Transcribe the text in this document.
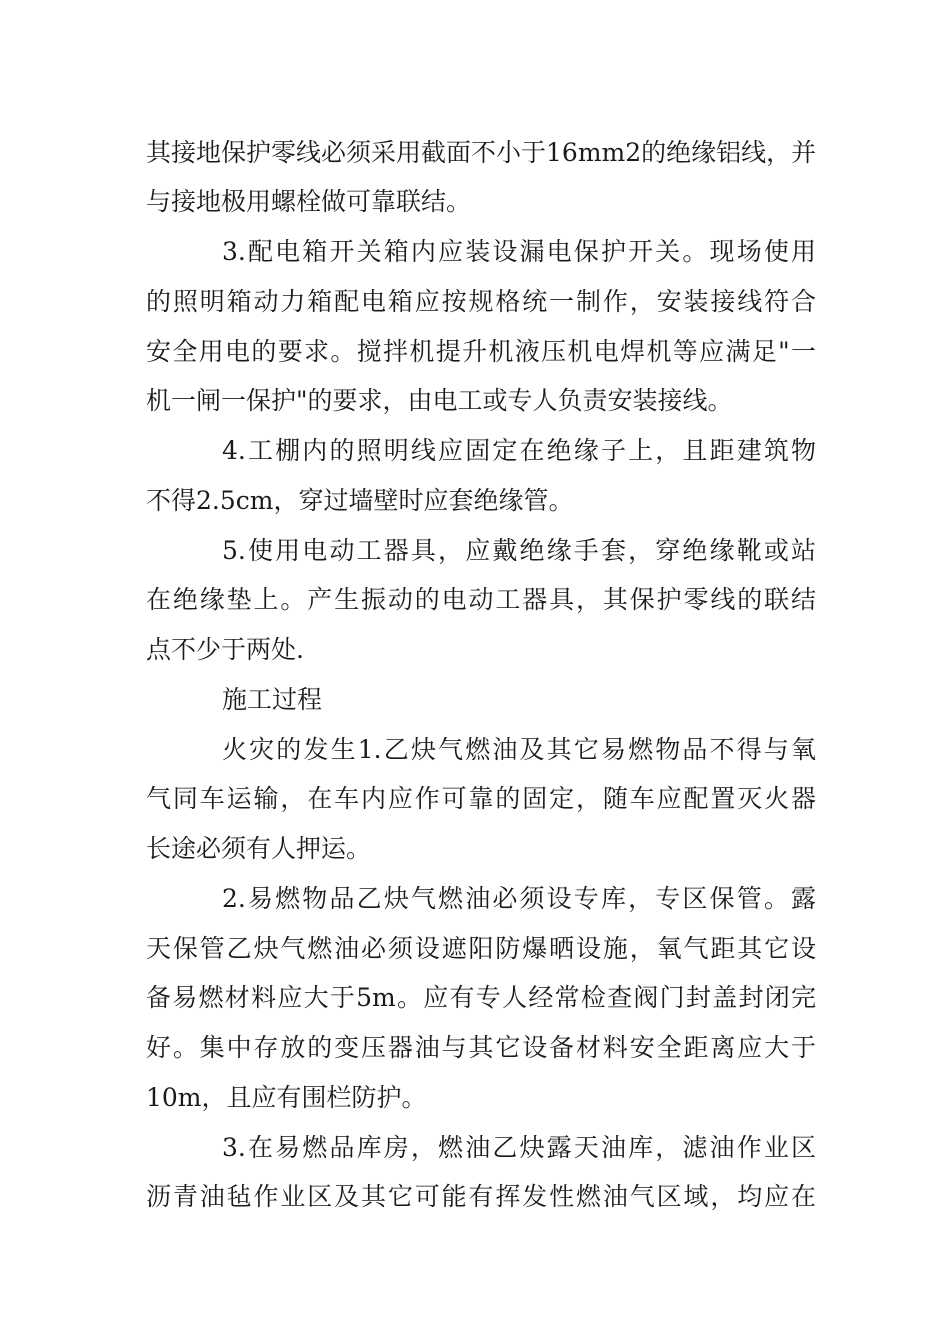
其接地保护零线必须采用截面不小于16mm2的绝缘铝线，并
与接地极用螺栓做可靠联结。
3.配电箱开关箱内应装设漏电保护开关。现场使用
的照明箱动力箱配电箱应按规格统一制作，安装接线符合
安全用电的要求。搅拌机提升机液压机电焊机等应满足"一
机一闸一保护"的要求，由电工或专人负责安装接线。
4.工棚内的照明线应固定在绝缘子上，且距建筑物
不得2.5cm，穿过墙壁时应套绝缘管。
5.使用电动工器具，应戴绝缘手套，穿绝缘靴或站
在绝缘垫上。产生振动的电动工器具，其保护零线的联结
点不少于两处.
施工过程
火灾的发生1.乙炔气燃油及其它易燃物品不得与氧
气同车运输，在车内应作可靠的固定，随车应配置灭火器
长途必须有人押运。
2.易燃物品乙炔气燃油必须设专库，专区保管。露
天保管乙炔气燃油必须设遮阳防爆晒设施，氧气距其它设
备易燃材料应大于5m。应有专人经常检查阀门封盖封闭完
好。集中存放的变压器油与其它设备材料安全距离应大于
10m，且应有围栏防护。
3.在易燃品库房，燃油乙炔露天油库，滤油作业区
沥青油毡作业区及其它可能有挥发性燃油气区域，均应在
